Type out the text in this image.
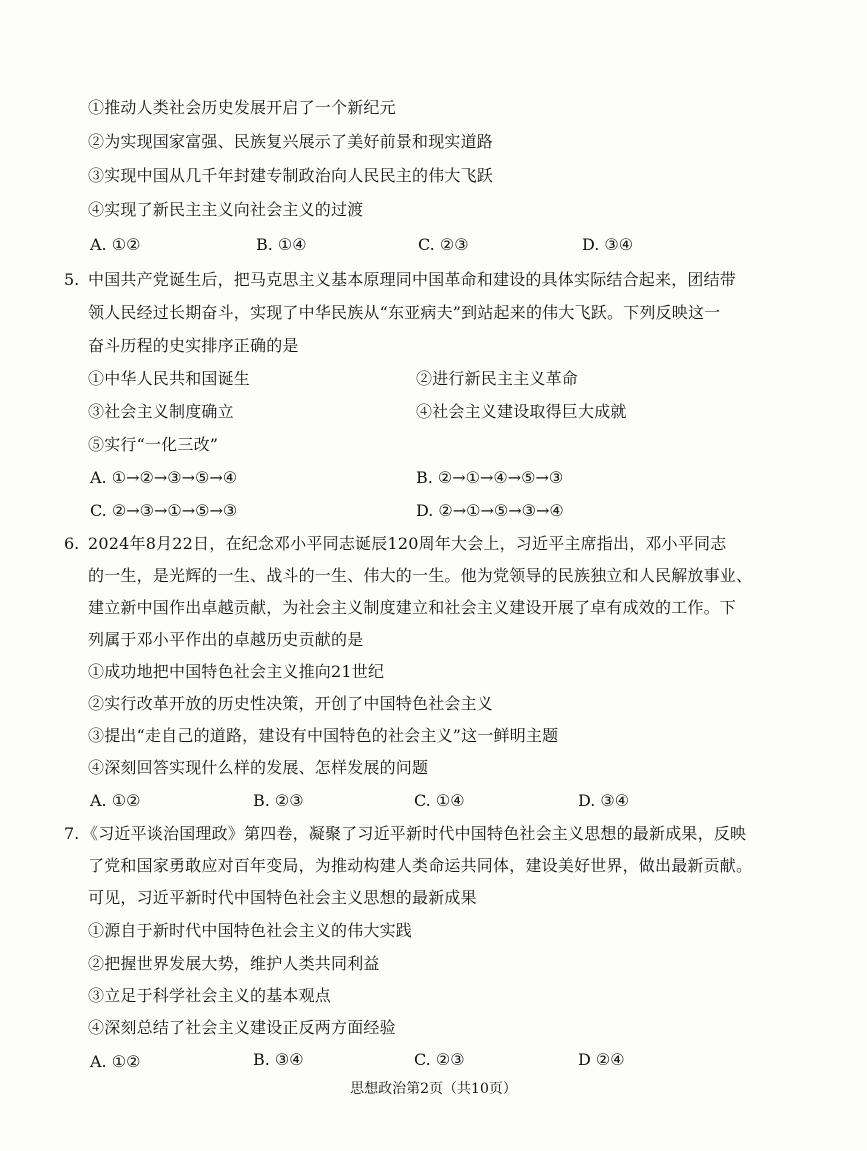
①推动人类社会历史发展开启了一个新纪元
②为实现国家富强、民族复兴展示了美好前景和现实道路
③实现中国从几千年封建专制政治向人民民主的伟大飞跃
④实现了新民主主义向社会主义的过渡
A. ①②	B. ①④	C. ②③	D. ③④
5. 中国共产党诞生后，把马克思主义基本原理同中国革命和建设的具体实际结合起来，团结带
领人民经过长期奋斗，实现了中华民族从“东亚病夫”到站起来的伟大飞跃。下列反映这一
奋斗历程的史实排序正确的是
①中华人民共和国诞生	②进行新民主主义革命
③社会主义制度确立	④社会主义建设取得巨大成就
⑤实行“一化三改”
A. ①→②→③→⑤→④	B. ②→①→④→⑤→③
C. ②→③→①→⑤→③	D. ②→①→⑤→③→④
6. 2024年8月22日，在纪念邓小平同志诞辰120周年大会上，习近平主席指出，邓小平同志
的一生，是光辉的一生、战斗的一生、伟大的一生。他为党领导的民族独立和人民解放事业、
建立新中国作出卓越贡献，为社会主义制度建立和社会主义建设开展了卓有成效的工作。下
列属于邓小平作出的卓越历史贡献的是
①成功地把中国特色社会主义推向21世纪
②实行改革开放的历史性决策，开创了中国特色社会主义
③提出“走自己的道路，建设有中国特色的社会主义”这一鲜明主题
④深刻回答实现什么样的发展、怎样发展的问题
A. ①②	B. ②③	C. ①④	D. ③④
7. 《习近平谈治国理政》第四卷，凝聚了习近平新时代中国特色社会主义思想的最新成果，反映
了党和国家勇敢应对百年变局，为推动构建人类命运共同体，建设美好世界，做出最新贡献。
可见，习近平新时代中国特色社会主义思想的最新成果
①源自于新时代中国特色社会主义的伟大实践
②把握世界发展大势，维护人类共同利益
③立足于科学社会主义的基本观点
④深刻总结了社会主义建设正反两方面经验
A. ①②	B. ③④	C. ②③	D ②④
思想政治第2页（共10页）
